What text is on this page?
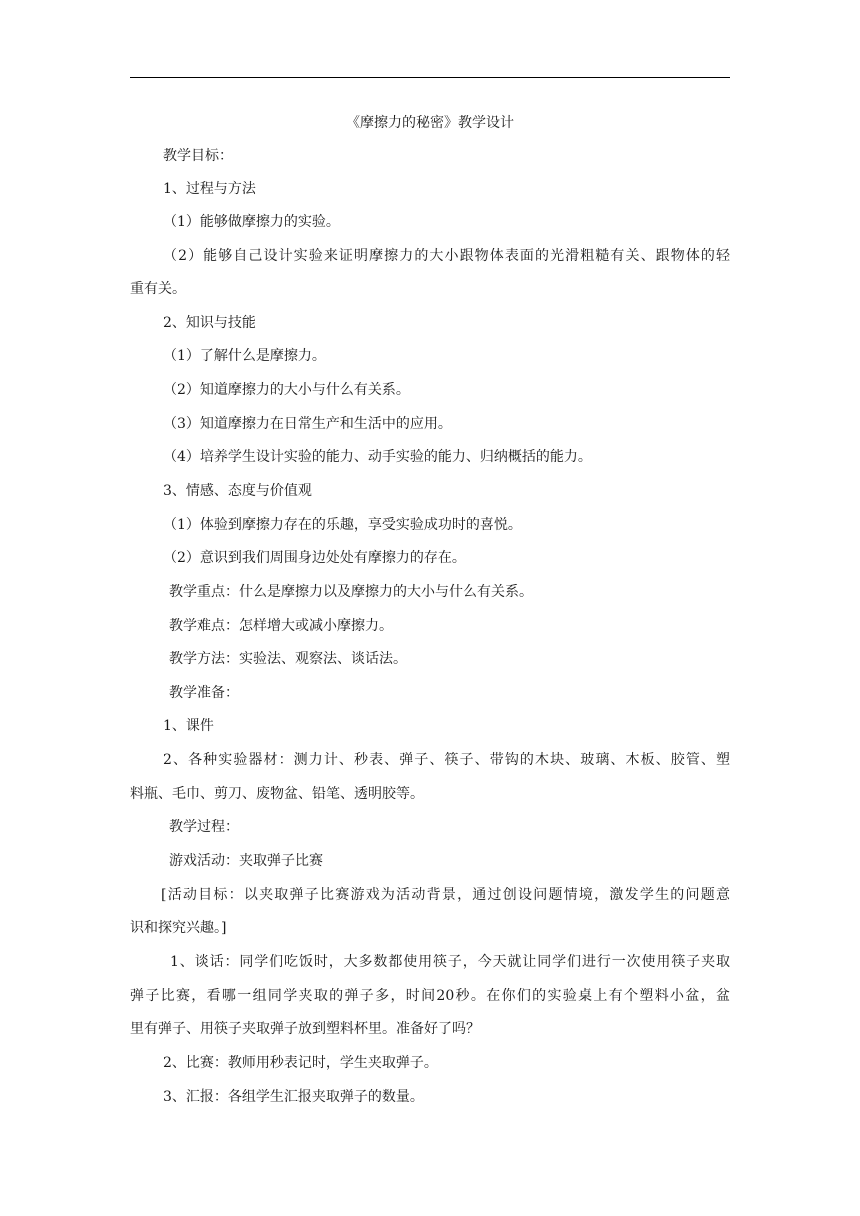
《摩擦力的秘密》教学设计
教学目标：
1、过程与方法
（1）能够做摩擦力的实验。
（2）能够自己设计实验来证明摩擦力的大小跟物体表面的光滑粗糙有关、跟物体的轻
重有关。
2、知识与技能
（1）了解什么是摩擦力。
（2）知道摩擦力的大小与什么有关系。
（3）知道摩擦力在日常生产和生活中的应用。
（4）培养学生设计实验的能力、动手实验的能力、归纳概括的能力。
3、情感、态度与价值观
（1）体验到摩擦力存在的乐趣，享受实验成功时的喜悦。
（2）意识到我们周围身边处处有摩擦力的存在。
教学重点：什么是摩擦力以及摩擦力的大小与什么有关系。
教学难点：怎样增大或减小摩擦力。
教学方法：实验法、观察法、谈话法。
教学准备：
1、课件
2、各种实验器材：测力计、秒表、弹子、筷子、带钩的木块、玻璃、木板、胶管、塑
料瓶、毛巾、剪刀、废物盆、铅笔、透明胶等。
教学过程：
游戏活动：夹取弹子比赛
[活动目标：以夹取弹子比赛游戏为活动背景，通过创设问题情境，激发学生的问题意
识和探究兴趣。]
1、谈话：同学们吃饭时，大多数都使用筷子，今天就让同学们进行一次使用筷子夹取
弹子比赛，看哪一组同学夹取的弹子多，时间20秒。在你们的实验桌上有个塑料小盆，盆
里有弹子、用筷子夹取弹子放到塑料杯里。准备好了吗？
2、比赛：教师用秒表记时，学生夹取弹子。
3、汇报：各组学生汇报夹取弹子的数量。
